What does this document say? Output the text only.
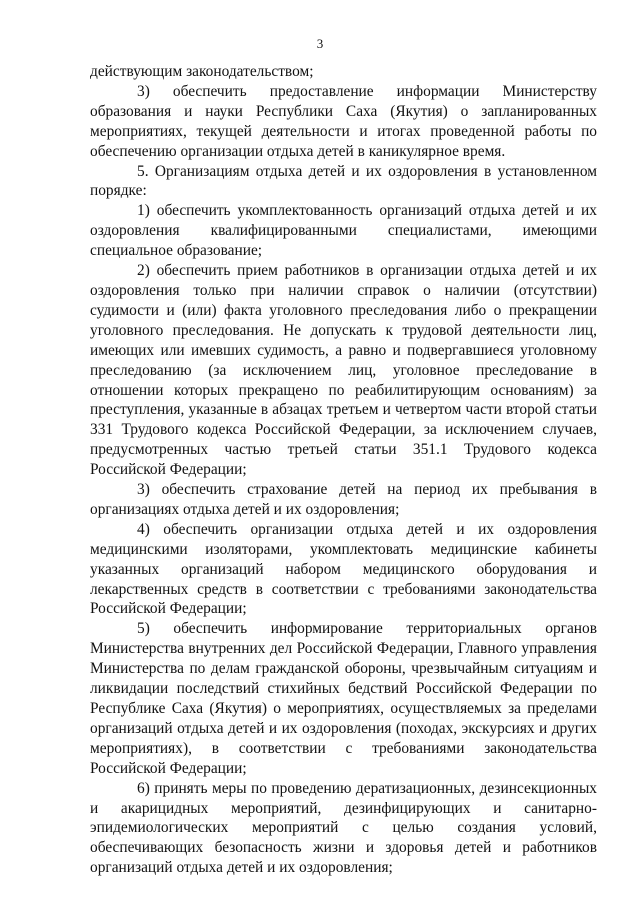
3

действующим законодательством;

3) обеспечить предоставление информации Министерству образования и науки Республики Саха (Якутия) о запланированных мероприятиях, текущей деятельности и итогах проведенной работы по обеспечению организации отдыха детей в каникулярное время.

5. Организациям отдыха детей и их оздоровления в установленном порядке:

1) обеспечить укомплектованность организаций отдыха детей и их оздоровления квалифицированными специалистами, имеющими специальное образование;

2) обеспечить прием работников в организации отдыха детей и их оздоровления только при наличии справок о наличии (отсутствии) судимости и (или) факта уголовного преследования либо о прекращении уголовного преследования. Не допускать к трудовой деятельности лиц, имеющих или имевших судимость, а равно и подвергавшиеся уголовному преследованию (за исключением лиц, уголовное преследование в отношении которых прекращено по реабилитирующим основаниям) за преступления, указанные в абзацах третьем и четвертом части второй статьи 331 Трудового кодекса Российской Федерации, за исключением случаев, предусмотренных частью третьей статьи 351.1 Трудового кодекса Российской Федерации;

3) обеспечить страхование детей на период их пребывания в организациях отдыха детей и их оздоровления;

4) обеспечить организации отдыха детей и их оздоровления медицинскими изоляторами, укомплектовать медицинские кабинеты указанных организаций набором медицинского оборудования и лекарственных средств в соответствии с требованиями законодательства Российской Федерации;

5) обеспечить информирование территориальных органов Министерства внутренних дел Российской Федерации, Главного управления Министерства по делам гражданской обороны, чрезвычайным ситуациям и ликвидации последствий стихийных бедствий Российской Федерации по Республике Саха (Якутия) о мероприятиях, осуществляемых за пределами организаций отдыха детей и их оздоровления (походах, экскурсиях и других мероприятиях), в соответствии с требованиями законодательства Российской Федерации;

6) принять меры по проведению дератизационных, дезинсекционных и акарицидных мероприятий, дезинфицирующих и санитарно-эпидемиологических мероприятий с целью создания условий, обеспечивающих безопасность жизни и здоровья детей и работников организаций отдыха детей и их оздоровления;
